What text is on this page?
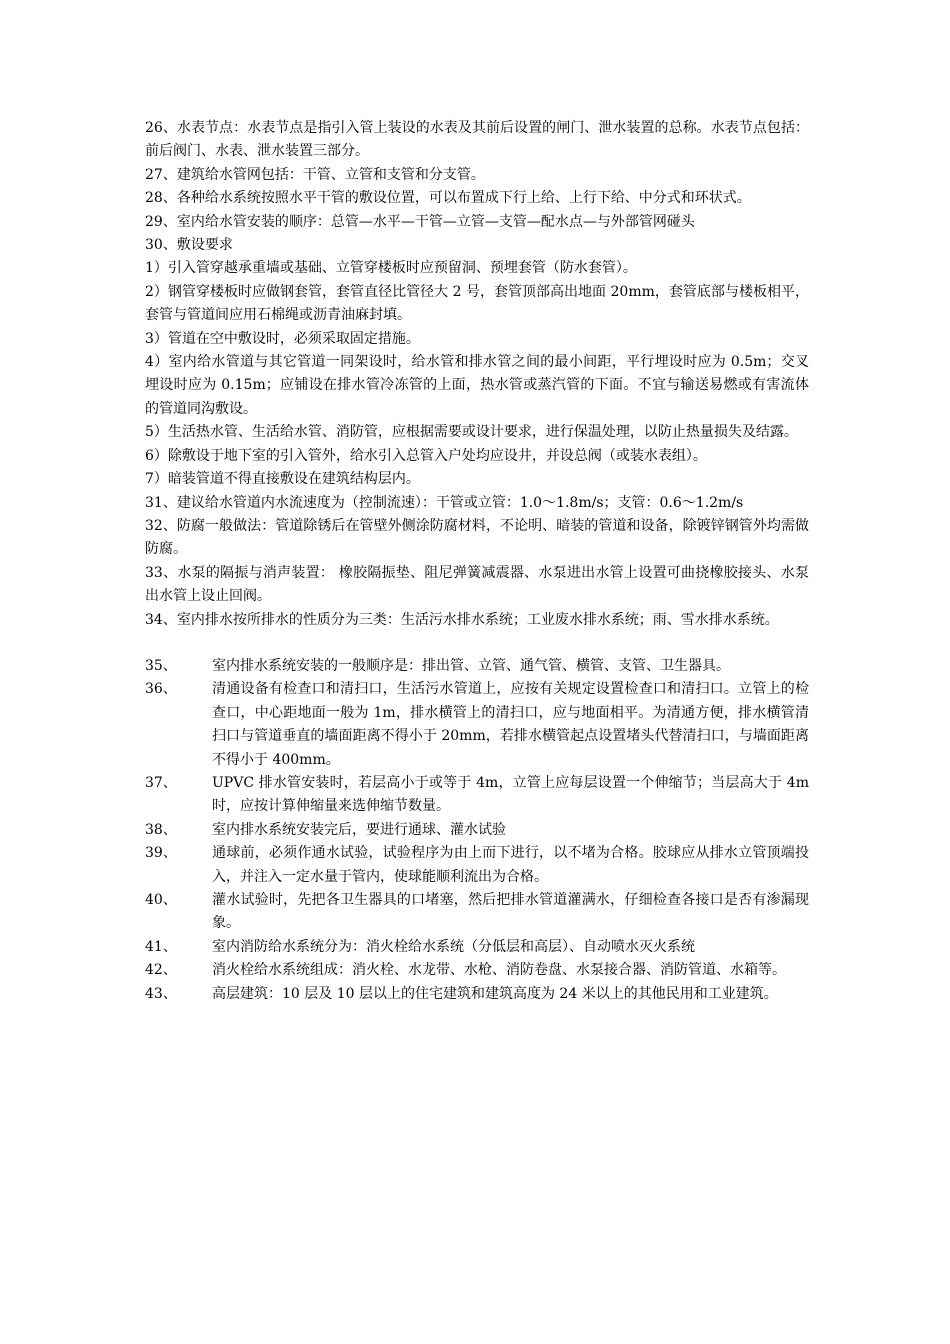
26、水表节点：水表节点是指引入管上装设的水表及其前后设置的闸门、泄水装置的总称。水表节点包括：前后阀门、水表、泄水装置三部分。

27、建筑给水管网包括：干管、立管和支管和分支管。

28、各种给水系统按照水平干管的敷设位置，可以布置成下行上给、上行下给、中分式和环状式。

29、室内给水管安装的顺序：总管—水平—干管—立管—支管—配水点—与外部管网碰头

30、敷设要求

1）引入管穿越承重墙或基础、立管穿楼板时应预留洞、预埋套管（防水套管）。

2）钢管穿楼板时应做钢套管，套管直径比管径大 2 号，套管顶部高出地面 20mm，套管底部与楼板相平，套管与管道间应用石棉绳或沥青油麻封填。

3）管道在空中敷设时，必须采取固定措施。

4）室内给水管道与其它管道一同架设时，给水管和排水管之间的最小间距，平行埋设时应为 0.5m；交叉埋设时应为 0.15m；应铺设在排水管冷冻管的上面，热水管或蒸汽管的下面。不宜与输送易燃或有害流体的管道同沟敷设。

5）生活热水管、生活给水管、消防管，应根据需要或设计要求，进行保温处理，以防止热量损失及结露。

6）除敷设于地下室的引入管外，给水引入总管入户处均应设井，并设总阀（或装水表组）。

7）暗装管道不得直接敷设在建筑结构层内。

31、建议给水管道内水流速度为（控制流速）：干管或立管：1.0～1.8m/s；支管：0.6～1.2m/s

32、防腐一般做法：管道除锈后在管壁外侧涂防腐材料，不论明、暗装的管道和设备，除镀锌钢管外均需做防腐。

33、水泵的隔振与消声装置： 橡胶隔振垫、阻尼弹簧减震器、水泵进出水管上设置可曲挠橡胶接头、水泵出水管上设止回阀。

34、室内排水按所排水的性质分为三类：生活污水排水系统；工业废水排水系统；雨、雪水排水系统。

35、	室内排水系统安装的一般顺序是：排出管、立管、通气管、横管、支管、卫生器具。
36、	清通设备有检查口和清扫口，生活污水管道上，应按有关规定设置检查口和清扫口。立管上的检查口，中心距地面一般为 1m，排水横管上的清扫口，应与地面相平。为清通方便，排水横管清扫口与管道垂直的墙面距离不得小于 20mm，若排水横管起点设置堵头代替清扫口，与墙面距离不得小于 400mm。
37、	UPVC 排水管安装时，若层高小于或等于 4m，立管上应每层设置一个伸缩节；当层高大于 4m 时，应按计算伸缩量来选伸缩节数量。
38、	室内排水系统安装完后，要进行通球、灌水试验
39、	通球前，必须作通水试验，试验程序为由上而下进行，以不堵为合格。胶球应从排水立管顶端投入，并注入一定水量于管内，使球能顺利流出为合格。
40、	灌水试验时，先把各卫生器具的口堵塞，然后把排水管道灌满水，仔细检查各接口是否有渗漏现象。
41、	室内消防给水系统分为：消火栓给水系统（分低层和高层）、自动喷水灭火系统
42、	消火栓给水系统组成：消火栓、水龙带、水枪、消防卷盘、水泵接合器、消防管道、水箱等。
43、	高层建筑：10 层及 10 层以上的住宅建筑和建筑高度为 24 米以上的其他民用和工业建筑。
